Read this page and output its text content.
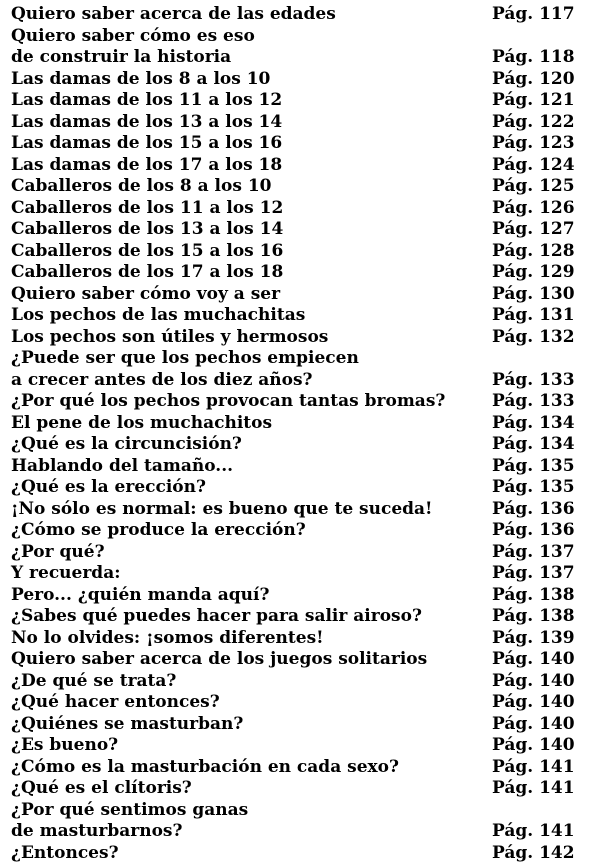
Quiero saber acerca de las edades	Pág. 117
Quiero saber cómo es eso
de construir la historia	Pág. 118
Las damas de los 8 a los 10	Pág. 120
Las damas de los 11 a los 12	Pág. 121
Las damas de los 13 a los 14	Pág. 122
Las damas de los 15 a los 16	Pág. 123
Las damas de los 17 a los 18	Pág. 124
Caballeros de los 8 a los 10	Pág. 125
Caballeros de los 11 a los 12	Pág. 126
Caballeros de los 13 a los 14	Pág. 127
Caballeros de los 15 a los 16	Pág. 128
Caballeros de los 17 a los 18	Pág. 129
Quiero saber cómo voy a ser	Pág. 130
Los pechos de las muchachitas	Pág. 131
Los pechos son útiles y hermosos	Pág. 132
¿Puede ser que los pechos empiecen
a crecer antes de los diez años?	Pág. 133
¿Por qué los pechos provocan tantas bromas?	Pág. 133
El pene de los muchachitos	Pág. 134
¿Qué es la circuncisión?	Pág. 134
Hablando del tamaño...	Pág. 135
¿Qué es la erección?	Pág. 135
¡No sólo es normal: es bueno que te suceda!	Pág. 136
¿Cómo se produce la erección?	Pág. 136
¿Por qué?	Pág. 137
Y recuerda:	Pág. 137
Pero... ¿quién manda aquí?	Pág. 138
¿Sabes qué puedes hacer para salir airoso?	Pág. 138
No lo olvides: ¡somos diferentes!	Pág. 139
Quiero saber acerca de los juegos solitarios	Pág. 140
¿De qué se trata?	Pág. 140
¿Qué hacer entonces?	Pág. 140
¿Quiénes se masturban?	Pág. 140
¿Es bueno?	Pág. 140
¿Cómo es la masturbación en cada sexo?	Pág. 141
¿Qué es el clítoris?	Pág. 141
¿Por qué sentimos ganas
de masturbarnos?	Pág. 141
¿Entonces?	Pág. 142
